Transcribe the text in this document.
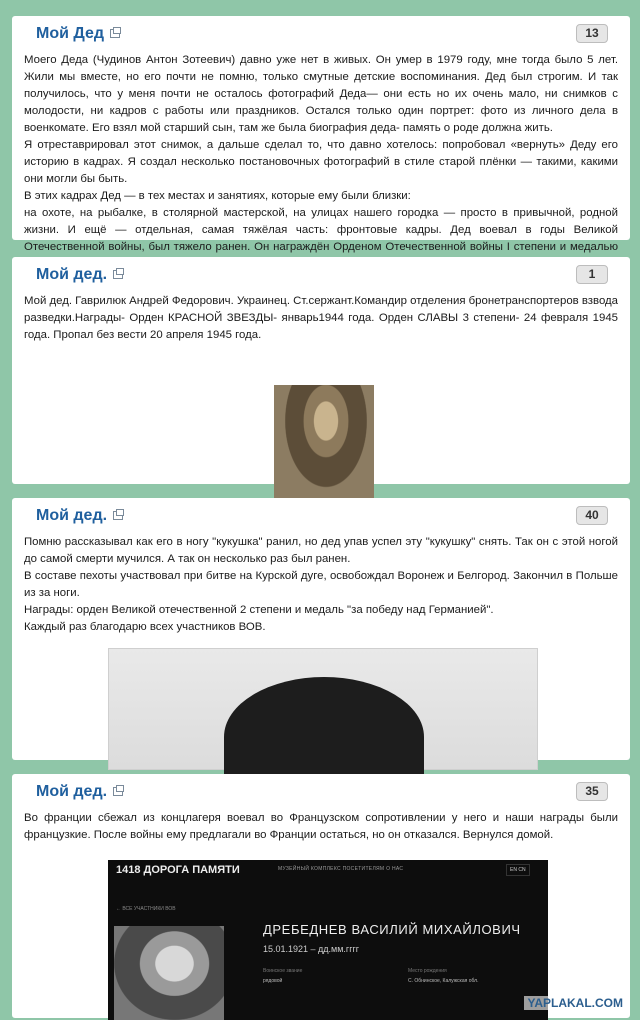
Мой Дед	13

Моего Деда (Чудинов Антон Зотеевич) давно уже нет в живых. Он умер в 1979 году, мне тогда было 5 лет. Жили мы вместе, но его почти не помню, только смутные детские воспоминания. Дед был строгим. И так получилось, что у меня почти не осталось фотографий Деда— они есть но их очень мало, ни снимков с молодости, ни кадров с работы или праздников. Остался только один портрет: фото из личного дела в военкомате. Его взял мой старший сын, там же была биография деда- память о роде должна жить.

Я отреставрировал этот снимок, а дальше сделал то, что давно хотелось: попробовал «вернуть» Деду его историю в кадрах. Я создал несколько постановочных фотографий в стиле старой плёнки — такими, какими они могли бы быть.

В этих кадрах Дед — в тех местах и занятиях, которые ему были близки:

на охоте, на рыбалке, в столярной мастерской, на улицах нашего городка — просто в привычной, родной жизни. И ещё — отдельная, самая тяжёлая часть: фронтовые кадры. Дед воевал в годы Великой Отечественной войны, был тяжело ранен. Он награждён Орденом Отечественной войны I степени и медалью

Мой дед.	1

Мой дед. Гаврилюк Андрей Федорович. Украинец. Ст.сержант.Командир отделения бронетранспортеров взвода разведки.Награды- Орден КРАСНОЙ ЗВЕЗДЫ- январь1944 года. Орден СЛАВЫ 3 степени- 24 февраля 1945 года. Пропал без вести 20 апреля 1945 года.

Мой дед.	40

Помню рассказывал как его в ногу "кукушка" ранил, но дед упав успел эту "кукушку" снять. Так он с этой ногой до самой смерти мучился. А так он несколько раз был ранен.

В составе пехоты участвовал при битве на Курской дуге, освобождал Воронеж и Белгород. Закончил в Польше из за ноги.

Награды: орден Великой отечественной 2 степени и медаль "за победу над Германией".

Каждый раз благодарю всех участников ВОВ.

Мой дед.	35

Во франции сбежал из концлагеря воевал во Французском сопротивлении у него и наши награды были французкие. После войны ему предлагали во Франции остаться, но он отказался. Вернулся домой.

1418 ДОРОГА ПАМЯТИ	МУЗЕЙНЫЙ КОМПЛЕКС ПОСЕТИТЕЛЯМ О НАС	EN CN
← ВСЕ УЧАСТНИКИ ВОВ
ДРЕБЕДНЕВ ВАСИЛИЙ МИХАЙЛОВИЧ
15.01.1921 – дд.мм.гггг
Воинское звание
рядовой
Место рождения
С. Обнинское, Калужская обл.
YAPLAKAL.COM
